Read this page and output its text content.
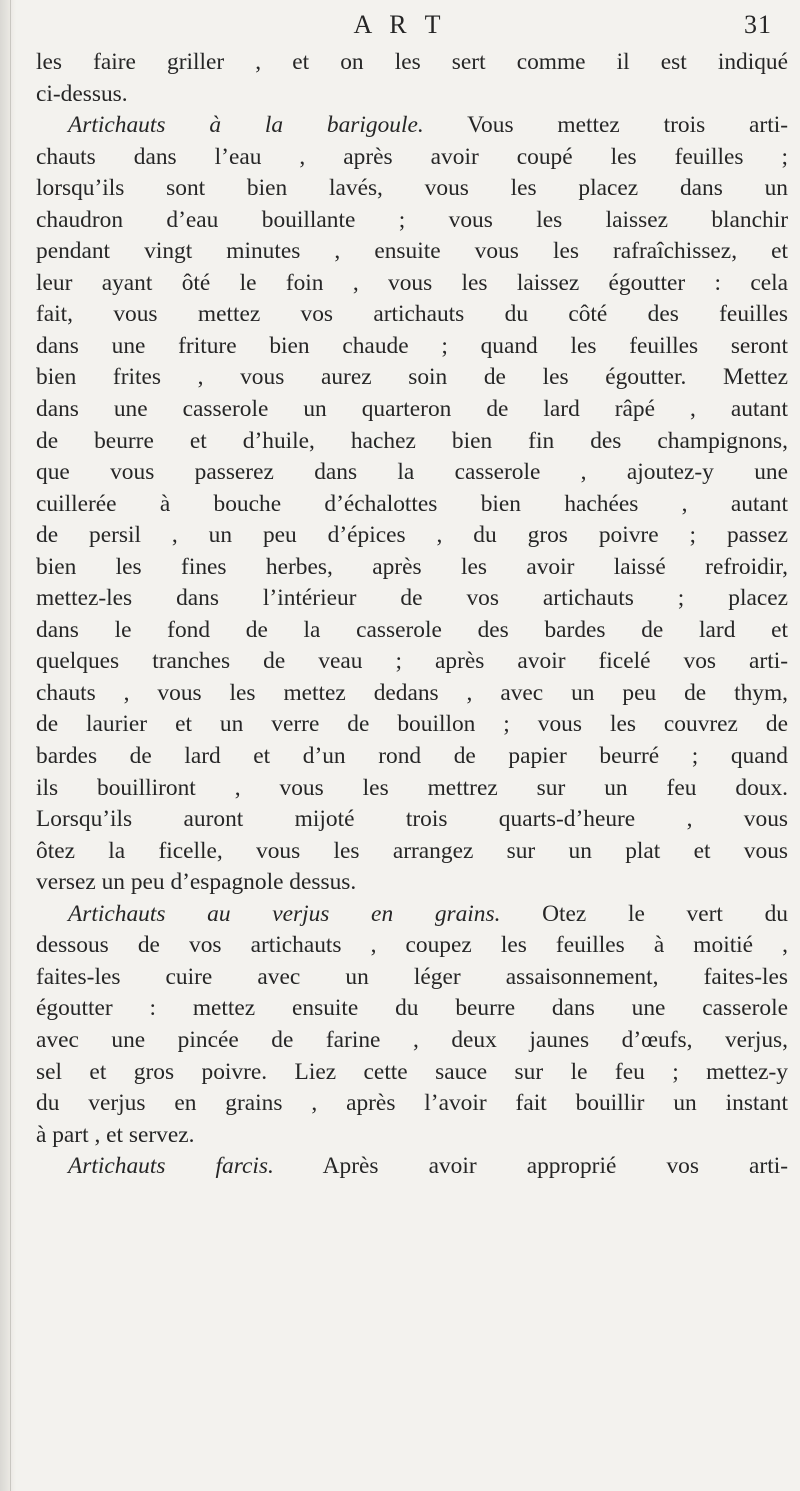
A R T	31
les faire griller , et on les sert comme il est indiqué
ci-dessus.
Artichauts à la barigoule. Vous mettez trois arti-
chauts dans l’eau , après avoir coupé les feuilles ;
lorsqu’ils sont bien lavés, vous les placez dans un
chaudron d’eau bouillante ; vous les laissez blanchir
pendant vingt minutes , ensuite vous les rafraîchissez, et
leur ayant ôté le foin , vous les laissez égoutter : cela
fait, vous mettez vos artichauts du côté des feuilles
dans une friture bien chaude ; quand les feuilles seront
bien frites , vous aurez soin de les égoutter. Mettez
dans une casserole un quarteron de lard râpé , autant
de beurre et d’huile, hachez bien fin des champignons,
que vous passerez dans la casserole , ajoutez-y une
cuillerée à bouche d’échalottes bien hachées , autant
de persil , un peu d’épices , du gros poivre ; passez
bien les fines herbes, après les avoir laissé refroidir,
mettez-les dans l’intérieur de vos artichauts ; placez
dans le fond de la casserole des bardes de lard et
quelques tranches de veau ; après avoir ficelé vos arti-
chauts , vous les mettez dedans , avec un peu de thym,
de laurier et un verre de bouillon ; vous les couvrez de
bardes de lard et d’un rond de papier beurré ; quand
ils bouilliront , vous les mettrez sur un feu doux.
Lorsqu’ils auront mijoté trois quarts-d’heure , vous
ôtez la ficelle, vous les arrangez sur un plat et vous
versez un peu d’espagnole dessus.
Artichauts au verjus en grains. Otez le vert du
dessous de vos artichauts , coupez les feuilles à moitié ,
faites-les cuire avec un léger assaisonnement, faites-les
égoutter : mettez ensuite du beurre dans une casserole
avec une pincée de farine , deux jaunes d’œufs, verjus,
sel et gros poivre. Liez cette sauce sur le feu ; mettez-y
du verjus en grains , après l’avoir fait bouillir un instant
à part , et servez.
Artichauts farcis. Après avoir approprié vos arti-
